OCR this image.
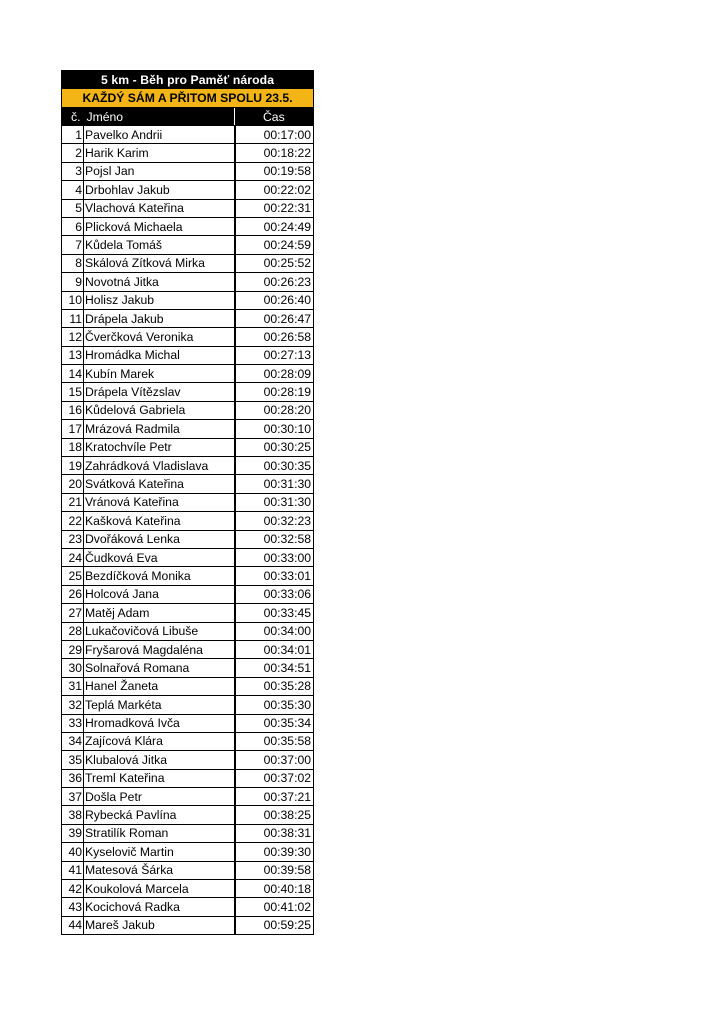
5 km - Běh pro Paměť národa		
KAŽDÝ SÁM A PŘITOM SPOLU 23.5.		
č.	Jméno	Čas
1	Pavelko Andrii	00:17:00
2	Harik Karim	00:18:22
3	Pojsl Jan	00:19:58
4	Drbohlav Jakub	00:22:02
5	Vlachová Kateřina	00:22:31
6	Plicková Michaela	00:24:49
7	Kůdela Tomáš	00:24:59
8	Skálová Zítková Mirka	00:25:52
9	Novotná Jitka	00:26:23
10	Holisz Jakub	00:26:40
11	Drápela Jakub	00:26:47
12	Čverčková Veronika	00:26:58
13	Hromádka Michal	00:27:13
14	Kubín Marek	00:28:09
15	Drápela Vítězslav	00:28:19
16	Kůdelová Gabriela	00:28:20
17	Mrázová Radmila	00:30:10
18	Kratochvíle Petr	00:30:25
19	Zahrádková Vladislava	00:30:35
20	Svátková Kateřina	00:31:30
21	Vránová Kateřina	00:31:30
22	Kašková Kateřina	00:32:23
23	Dvořáková Lenka	00:32:58
24	Čudková Eva	00:33:00
25	Bezdíčková Monika	00:33:01
26	Holcová Jana	00:33:06
27	Matěj Adam	00:33:45
28	Lukačovičová Libuše	00:34:00
29	Fryšarová Magdaléna	00:34:01
30	Solnařová Romana	00:34:51
31	Hanel Žaneta	00:35:28
32	Teplá Markéta	00:35:30
33	Hromadková Ivča	00:35:34
34	Zajícová Klára	00:35:58
35	Klubalová Jitka	00:37:00
36	Treml Kateřina	00:37:02
37	Došla Petr	00:37:21
38	Rybecká Pavlína	00:38:25
39	Stratilík Roman	00:38:31
40	Kyselovič Martin	00:39:30
41	Matesová Šárka	00:39:58
42	Koukolová Marcela	00:40:18
43	Kocichová Radka	00:41:02
44	Mareš Jakub	00:59:25
